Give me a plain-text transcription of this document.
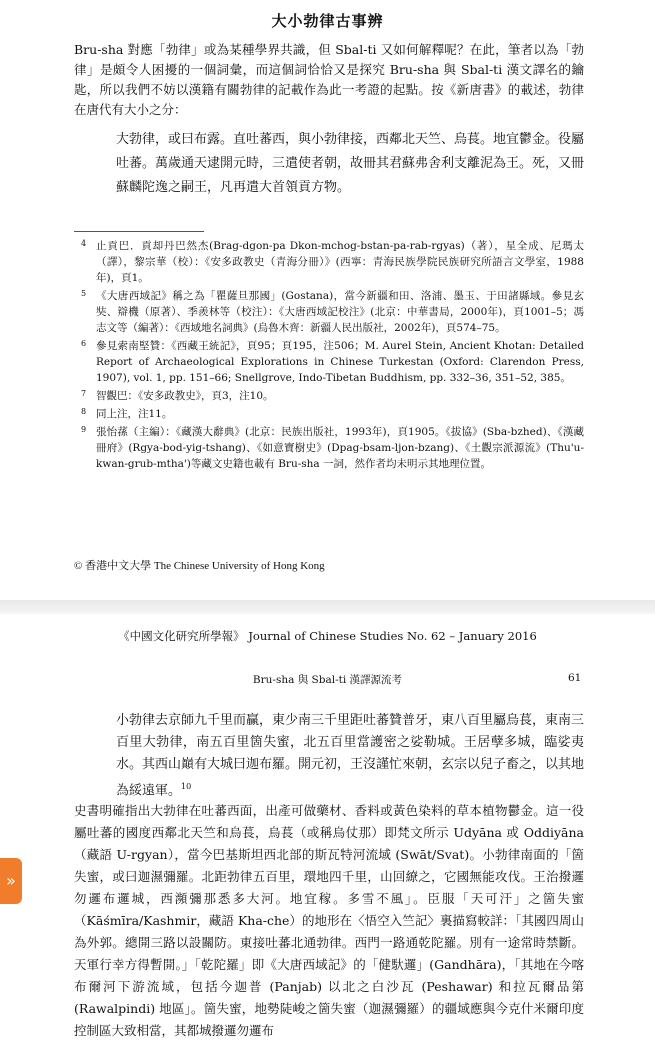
大小勃律古事辨
Bru-sha 對應「勃律」或為某種學界共識，但 Sbal-ti 又如何解釋呢？在此，筆者以為「勃律」是頗令人困擾的一個詞彙，而這個詞恰恰又是探究 Bru-sha 與 Sbal-ti 漢文譯名的鑰匙，所以我們不妨以漢籍有關勃律的記載作為此一考證的起點。按《新唐書》的載述，勃律在唐代有大小之分：
大勃律，或曰布露。直吐蕃西，與小勃律接，西鄰北天竺、烏萇。地宜鬱金。役屬吐蕃。萬歲通天逮開元時，三遣使者朝，故冊其君蘇弗舍利支離泥為王。死，又冊蘇麟陀逸之嗣王，凡再遣大首領貢方物。
4 止貢巴．貢却丹巴然杰(Brag-dgon-pa Dkon-mchog-bstan-pa-rab-rgyas)（著），星全成、尼瑪太（譯），黎宗華（校）：《安多政教史（青海分冊）》(西寧：青海民族學院民族研究所語言文學室，1988年)，頁1。
5 《大唐西域記》稱之為「瞿薩旦那國」(Gostana)，當今新疆和田、洛浦、墨玉、于田諸縣域。參見玄奘、辯機（原著）、季羨林等（校注）：《大唐西域記校注》(北京：中華書局，2000年)，頁1001–5；馮志文等（編著）：《西域地名詞典》(烏魯木齊：新疆人民出版社，2002年)，頁574–75。
6 參見索南堅贊：《西藏王統記》，頁95；頁195，注506；M. Aurel Stein, Ancient Khotan: Detailed Report of Archaeological Explorations in Chinese Turkestan (Oxford: Clarendon Press, 1907), vol. 1, pp. 151–66; Snellgrove, Indo-Tibetan Buddhism, pp. 332–36, 351–52, 385。
7 智觀巴：《安多政教史》，頁3，注10。
8 同上注，注11。
9 張怡蓀（主編）：《藏漢大辭典》(北京：民族出版社，1993年)，頁1905。《拔協》(Sba-bzhed)、《漢藏冊府》(Rgya-bod-yig-tshang)、《如意寶樹史》(Dpag-bsam-ljon-bzang)、《土觀宗派源流》(Thu'u-kwan-grub-mtha')等藏文史籍也載有 Bru-sha 一詞，然作者均未明示其地理位置。
© 香港中文大學 The Chinese University of Hong Kong
《中國文化研究所學報》 Journal of Chinese Studies No. 62 – January 2016
Bru-sha 與 Sbal-ti 漢譯源流考	61
小勃律去京師九千里而贏，東少南三千里距吐蕃贊普牙，東八百里屬烏萇，東南三百里大勃律，南五百里箇失蜜，北五百里當護密之娑勒城。王居孽多城，臨娑夷水。其西山巔有大城曰迦布羅。開元初，王沒謹忙來朝，玄宗以兒子畜之，以其地為綏遠軍。$^{10}$
史書明確指出大勃律在吐蕃西面，出產可做藥材、香料或黃色染料的草本植物鬱金。這一役屬吐蕃的國度西鄰北天竺和烏萇，烏萇（或稱烏仗那）即梵文所示 Udyāna 或 Oddiyāna（藏語 U-rgyan），當今巴基斯坦西北部的斯瓦特河流域 (Swāt/Svat)。小勃律南面的「箇失蜜，或曰迦濕彌羅。北距勃律五百里，環地四千里，山回繚之，它國無能攻伐。王治撥邏勿邏布邏城，西瀕彌那悉多大河。地宜稼。多雪不風」。臣服「天可汗」之箇失蜜（Kāśmīra/Kashmir，藏語 Kha-che）的地形在〈悟空入竺記〉裏描寫較詳：「其國四周山為外郭。總開三路以設關防。東接吐蕃北通勃律。西門一路通乾陀羅。別有一途常時禁斷。天軍行幸方得暫開。」「乾陀羅」即《大唐西域記》的「健馱邏」(Gandhāra)，「其地在今喀布爾河下游流域，包括今迦普 (Panjab) 以北之白沙瓦 (Peshawar) 和拉瓦爾品第 (Rawalpindi) 地區」。箇失蜜，地勢陡峻之箇失蜜（迦濕彌羅）的疆域應與今克什米爾印度控制區大致相當，其都城撥邏勿邏布
»
